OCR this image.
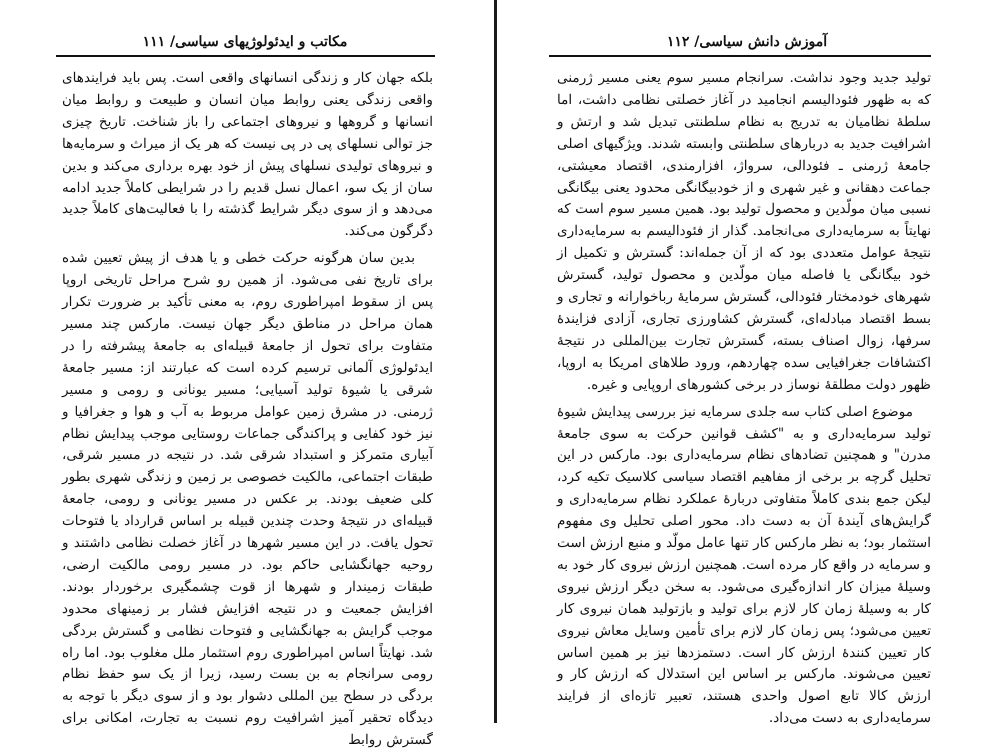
مکاتب و ایدئولوژیهای سیاسی/ ۱۱۱

بلکه جهان کار و زندگی انسانهای واقعی است. پس باید فرایندهای واقعی زندگی یعنی روابط میان انسان و طبیعت و روابط میان انسانها و گروهها و نیروهای اجتماعی را باز شناخت. تاریخ چیزی جز توالی نسلهای پی در پی نیست که هر یک از میراث و سرمایه‌ها و نیروهای تولیدی نسلهای پیش از خود بهره برداری می‌کند و بدین سان از یک سو، اعمال نسل قدیم را در شرایطی کاملاً جدید ادامه می‌دهد و از سوی دیگر شرایط گذشته را با فعالیت‌های کاملاً جدید دگرگون می‌کند.

بدین سان هرگونه حرکت خطی و یا هدف از پیش تعیین شده برای تاریخ نفی می‌شود. از همین رو شرح مراحل تاریخی اروپا پس از سقوط امپراطوری روم، به معنی تأکید بر ضرورت تکرار همان مراحل در مناطق دیگر جهان نیست. مارکس چند مسیر متفاوت برای تحول از جامعهٔ قبیله‌ای به جامعهٔ پیشرفته را در ایدئولوژی آلمانی ترسیم کرده است که عبارتند از: مسیر جامعهٔ شرقی یا شیوهٔ تولید آسیایی؛ مسیر یونانی و رومی و مسیر ژرمنی. در مشرق زمین عوامل مربوط به آب و هوا و جغرافیا و نیز خود کفایی و پراکندگی جماعات روستایی موجب پیدایش نظام آبیاری متمرکز و استبداد شرقی شد. در نتیجه در مسیر شرقی، طبقات اجتماعی، مالکیت خصوصی بر زمین و زندگی شهری بطور کلی ضعیف بودند. بر عکس در مسیر یونانی و رومی، جامعهٔ قبیله‌ای در نتیجهٔ وحدت چندین قبیله بر اساس قرارداد یا فتوحات تحول یافت. در این مسیر شهرها در آغاز خصلت نظامی داشتند و روحیه جهانگشایی حاکم بود. در مسیر رومی مالکیت ارضی، طبقات زمیندار و شهرها از قوت چشمگیری برخوردار بودند. افزایش جمعیت و در نتیجه افزایش فشار بر زمینهای محدود موجب گرایش به جهانگشایی و فتوحات نظامی و گسترش بردگی شد. نهایتاً اساس امپراطوری روم استثمار ملل مغلوب بود. اما راه رومی سرانجام به بن بست رسید، زیرا از یک سو حفظ نظام بردگی در سطح بین المللی دشوار بود و از سوی دیگر با توجه به دیدگاه تحقیر آمیز اشرافیت روم نسبت به تجارت، امکانی برای گسترش روابط

آموزش دانش سیاسی/ ۱۱۲

تولید جدید وجود نداشت. سرانجام مسیر سوم یعنی مسیر ژرمنی که به ظهور فئودالیسم انجامید در آغاز خصلتی نظامی داشت، اما سلطهٔ نظامیان به تدریج به نظام سلطنتی تبدیل شد و ارتش و اشرافیت جدید به دربارهای سلطنتی وابسته شدند. ویژگیهای اصلی جامعهٔ ژرمنی ـ فئودالی، سرواژ، افزارمندی، اقتصاد معیشتی، جماعت دهقانی و غیر شهری و از خودبیگانگی محدود یعنی بیگانگی نسبی میان مولّدین و محصول تولید بود. همین مسیر سوم است که نهایتاً به سرمایه‌داری می‌انجامد. گذار از فئودالیسم به سرمایه‌داری نتیجهٔ عوامل متعددی بود که از آن جمله‌اند: گسترش و تکمیل از خود بیگانگی یا فاصله میان مولّدین و محصول تولید، گسترش شهرهای خودمختار فئودالی، گسترش سرمایهٔ رباخوارانه و تجاری و بسط اقتصاد مبادله‌ای، گسترش کشاورزی تجاری، آزادی فزایندهٔ سرفها، زوال اصناف بسته، گسترش تجارت بین‌المللی در نتیجهٔ اکتشافات جغرافیایی سده چهاردهم، ورود طلاهای امریکا به اروپا، ظهور دولت مطلقهٔ نوساز در برخی کشورهای اروپایی و غیره.

موضوع اصلی کتاب سه جلدی سرمایه نیز بررسی پیدایش شیوهٔ تولید سرمایه‌داری و به "کشف قوانین حرکت به سوی جامعهٔ مدرن" و همچنین تضادهای نظام سرمایه‌داری بود. مارکس در این تحلیل گرچه بر برخی از مفاهیم اقتصاد سیاسی کلاسیک تکیه کرد، لیکن جمع بندی کاملاً متفاوتی دربارهٔ عملکرد نظام سرمایه‌داری و گرایش‌های آیندهٔ آن به دست داد. محور اصلی تحلیل وی مفهوم استثمار بود؛ به نظر مارکس کار تنها عامل مولّد و منبع ارزش است و سرمایه در واقع کار مرده است. همچنین ارزش نیروی کار خود به وسیلهٔ میزان کار اندازه‌گیری می‌شود. به سخن دیگر ارزش نیروی کار به وسیلهٔ زمان کار لازم برای تولید و بازتولید همان نیروی کار تعیین می‌شود؛ پس زمان کار لازم برای تأمین وسایل معاش نیروی کار تعیین کنندهٔ ارزش کار است. دستمزدها نیز بر همین اساس تعیین می‌شوند. مارکس بر اساس این استدلال که ارزش کار و ارزش کالا تابع اصول واحدی هستند، تعبیر تازه‌ای از فرایند سرمایه‌داری به دست می‌داد.
